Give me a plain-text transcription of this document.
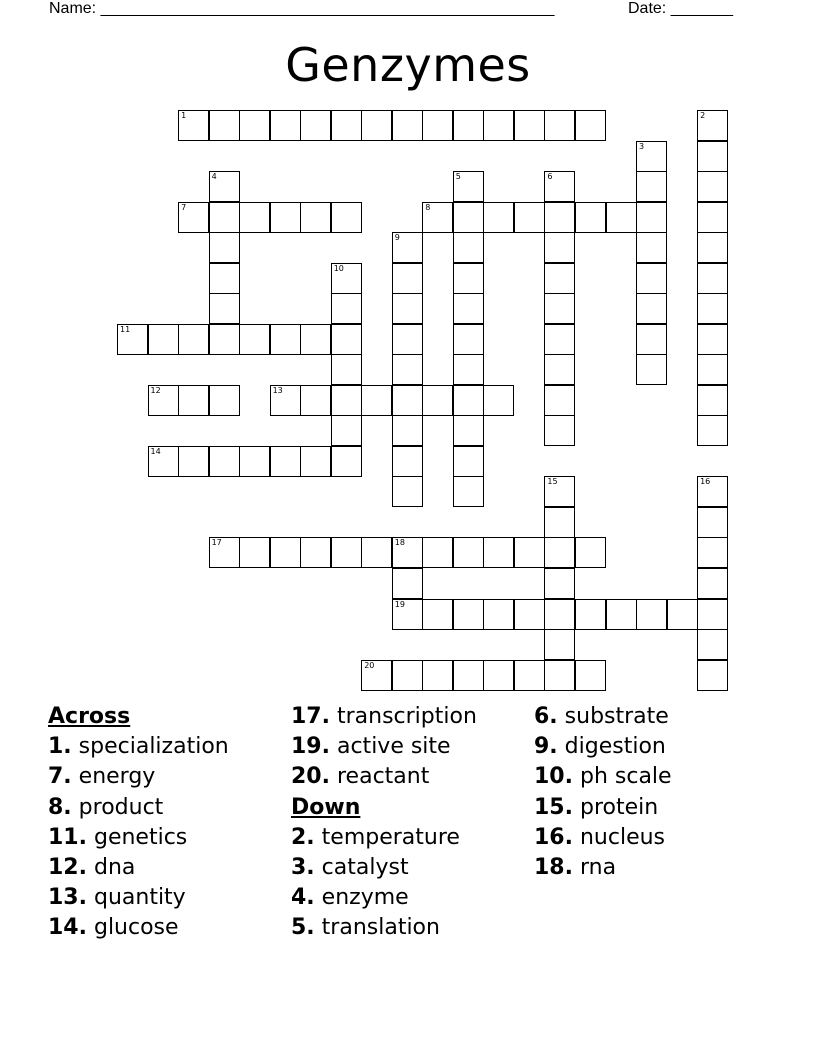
Name: ___________________________________________________	Date: _______
Genzymes
1	2
3
4	5	6
7	8
9
10
11
12	13
14
15	16
17	18
19
20
Across
1. specialization
7. energy
8. product
11. genetics
12. dna
13. quantity
14. glucose
17. transcription
19. active site
20. reactant
Down
2. temperature
3. catalyst
4. enzyme
5. translation
6. substrate
9. digestion
10. ph scale
15. protein
16. nucleus
18. rna
